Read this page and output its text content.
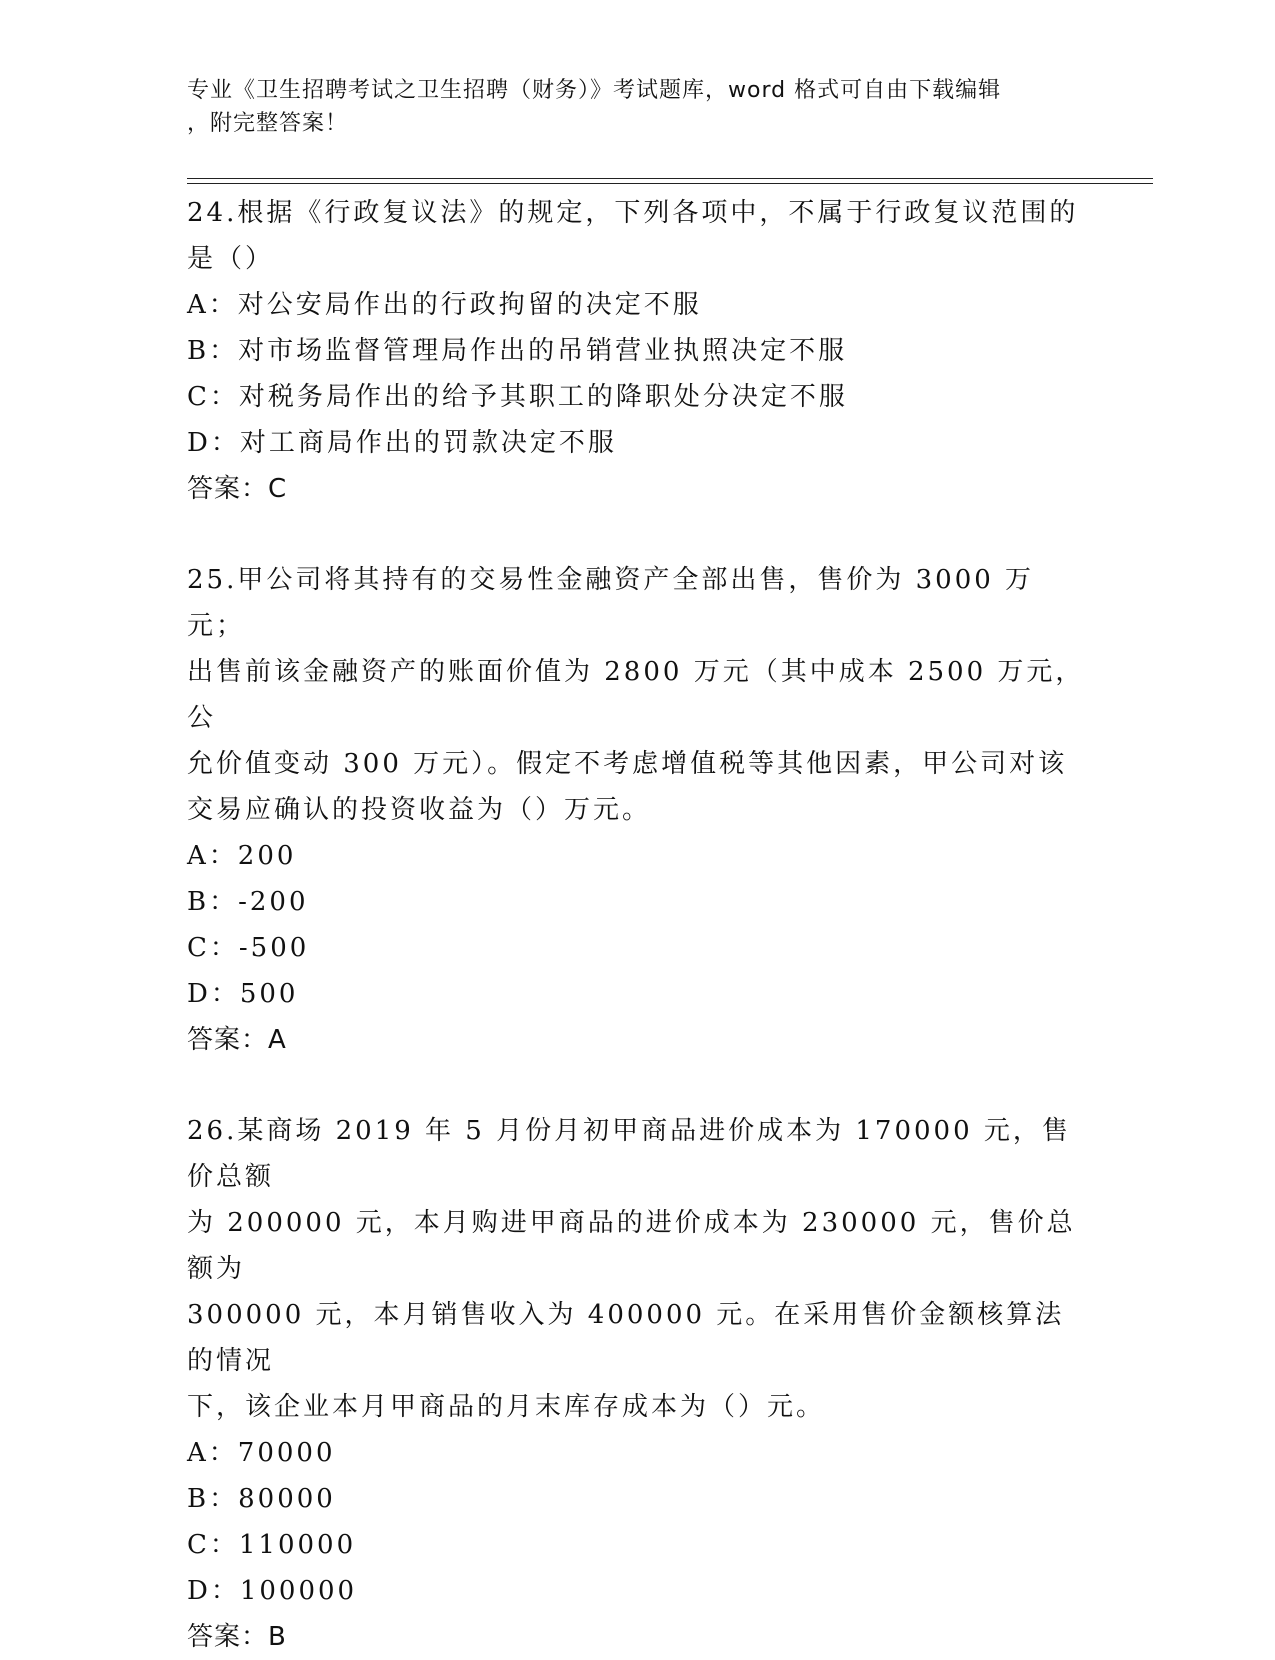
专业《卫生招聘考试之卫生招聘（财务）》考试题库，word 格式可自由下载编辑
，附完整答案！

24.根据《行政复议法》的规定，下列各项中，不属于行政复议范围的

是（）

A：对公安局作出的行政拘留的决定不服

B：对市场监督管理局作出的吊销营业执照决定不服

C：对税务局作出的给予其职工的降职处分决定不服

D：对工商局作出的罚款决定不服

答案：C

25.甲公司将其持有的交易性金融资产全部出售，售价为 3000 万元；

出售前该金融资产的账面价值为 2800 万元（其中成本 2500 万元，公

允价值变动 300 万元）。假定不考虑增值税等其他因素，甲公司对该

交易应确认的投资收益为（）万元。

A：200

B：-200

C：-500

D：500

答案：A

26.某商场 2019 年 5 月份月初甲商品进价成本为 170000 元，售价总额

为 200000 元，本月购进甲商品的进价成本为 230000 元，售价总额为

300000 元，本月销售收入为 400000 元。在采用售价金额核算法的情况

下，该企业本月甲商品的月末库存成本为（）元。

A：70000

B：80000

C：110000

D：100000

答案：B
